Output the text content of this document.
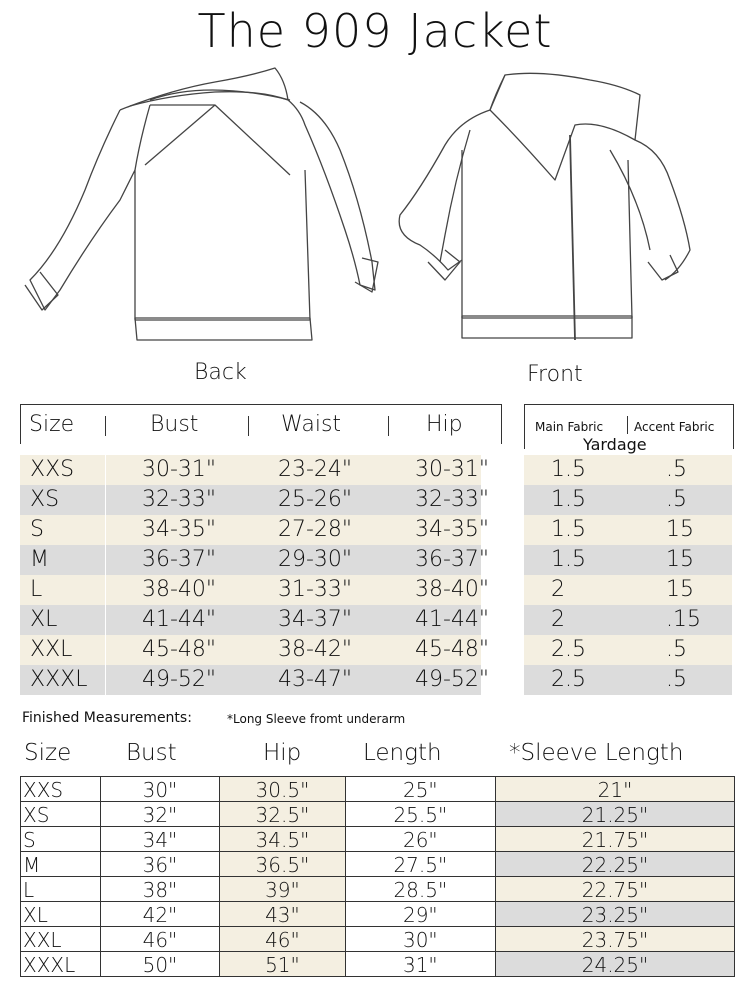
The 909 Jacket
Back	Front
Size	Bust	Waist	Hip	Main Fabric	Accent Fabric
Yardage
XXS	30-31"	23-24"	30-31"	1.5	.5
XS	32-33"	25-26"	32-33"	1.5	.5
S	34-35"	27-28"	34-35"	1.5	15
M	36-37"	29-30"	36-37"	1.5	15
L	38-40"	31-33"	38-40"	2	15
XL	41-44"	34-37"	41-44"	2	.15
XXL	45-48"	38-42"	45-48"	2.5	.5
XXXL 49-52"	43-47"	49-52"	2.5	.5
Finished Measurements:	*Long Sleeve fromt underarm
Size Bust	Hip	Length	*Sleeve Length
XXS	30"	30.5"	25"	21"
XS	32"	32.5"	25.5"	21.25"
S	34"	34.5"	26"	21.75"
M	36"	36.5"	27.5"	22.25"
L	38"	39"	28.5"	22.75"
XL	42"	43"	29"	23.25"
XXL	46"	46"	30"	23.75"
XXXL	50"	51"	31"	24.25"
